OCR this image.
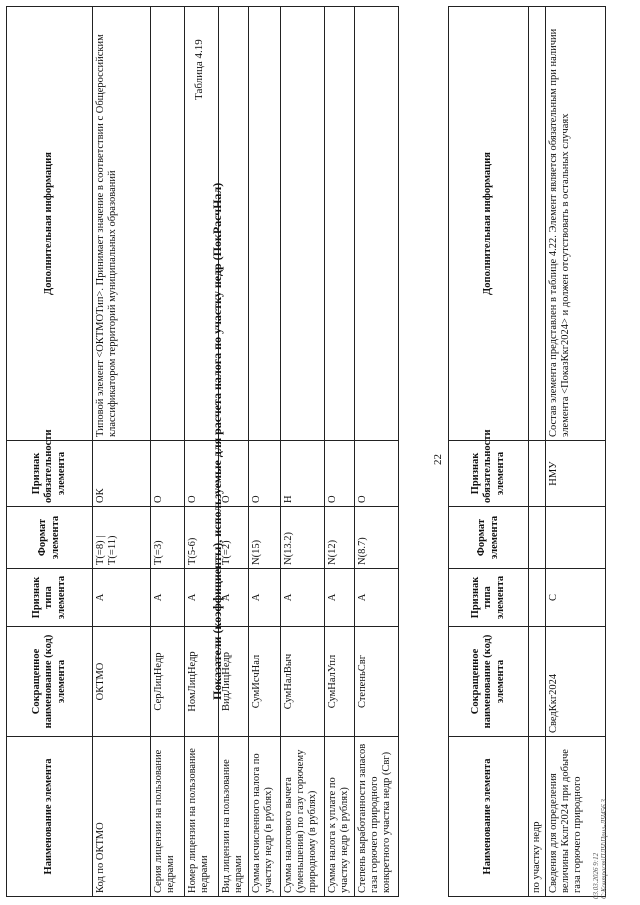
22
Наименование элемента	Сокращенное наименование (код) элемента	Признак типа элемента	Формат элемента	Признак обязательности элемента	Дополнительная информация
Код по ОКТМО	ОКТМО	А	T(=8) | T(=11)	ОК	Типовой элемент <ОКТМОТип>. Принимает значение в соответствии с Общероссийским классификатором территорий муниципальных образований
Серия лицензии на пользование недрами	СерЛицНедр	А	T(=3)	О	
Номер лицензии на пользование недрами	НомЛицНедр	А	T(5-6)	О	
Вид лицензии на пользование недрами	ВидЛицНедр	А	T(=2)	О	
Сумма исчисленного налога по участку недр (в рублях)	СумИсчНал	А	N(15)	О	
Сумма налогового вычета (уменьшения) по газу горючему природному (в рублях)	СумНалВыч	А	N(13.2)	Н	
Сумма налога к уплате по участку недр (в рублях)	СумНалУпл	А	N(12)	О	
Степень выработанности запасов газа горючего природного конкретного участка недр (Свг)	СтепеньСвг	А	N(8.7)	О	
Показатели (коэффициенты), используемые для расчета налога по участку недр (ПокРасчНал)
Таблица 4.19
Наименование элемента	Сокращенное наименование (код) элемента	Признак типа элемента	Формат элемента	Признак обязательности элемента	Дополнительная информация
по участку недр					
Сведения для определения величины Кклг2024 при добыче газа горючего природного	СведКкг2024	С		НМУ	Состав элемента представлен в таблице 4.22. Элемент является обязательным при наличии элемента <ПоказКкг2024> и должен отсутствовать в остальных случаях
03.03.2026 9:12 С:Контраст\ПЛЧ\Прил-ЛЧ456.3
